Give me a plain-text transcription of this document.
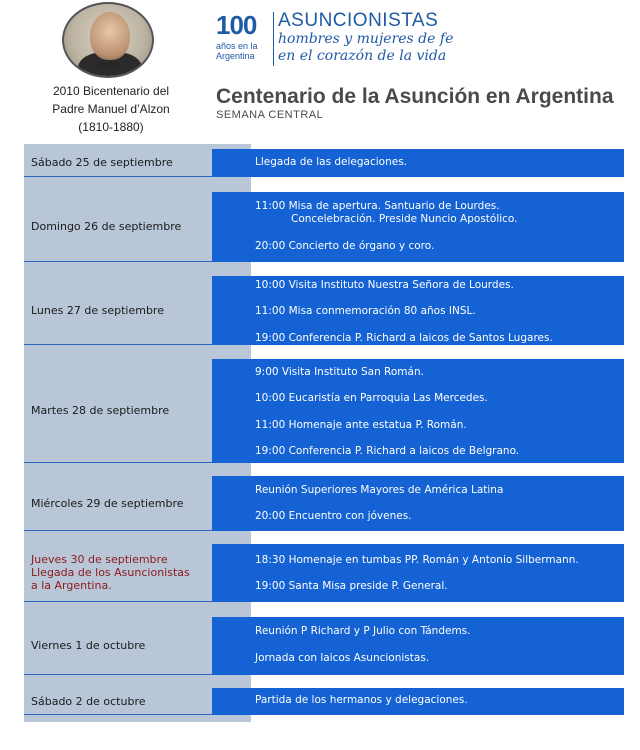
2010
2010 Bicentenario del
Padre Manuel d’Alzon
(1810-1880)
100
años en la
Argentina
ASUNCIONISTAS
hombres y mujeres de fe
en el corazón de la vida
Centenario de la Asunción en Argentina
SEMANA CENTRAL
Sábado 25 de septiembre	Llegada de las delegaciones.
Domingo 26 de septiembre
11:00 Misa de apertura. Santuario de Lourdes.
Concelebración. Preside Nuncio Apostólico.
20:00 Concierto de órgano y coro.
Lunes 27 de septiembre
10:00 Visita Instituto Nuestra Señora de Lourdes.
11:00 Misa conmemoración 80 años INSL.
19:00 Conferencia P. Richard a laicos de Santos Lugares.
Martes 28 de septiembre
9:00 Visita Instituto San Román.
10:00 Eucaristía en Parroquia Las Mercedes.
11:00 Homenaje ante estatua P. Román.
19:00 Conferencia P. Richard a laicos de Belgrano.
Miércoles 29 de septiembre
Reunión Superiores Mayores de América Latina
20:00 Encuentro con jóvenes.
Jueves 30 de septiembre
Llegada de los Asuncionistas
a la Argentina.
18:30 Homenaje en tumbas PP. Román y Antonio Silbermann.
19:00 Santa Misa preside P. General.
Viernes 1 de octubre
Reunión P Richard y P Julio con Tándems.
Jornada con laicos Asuncionistas.
Sábado 2 de octubre	Partida de los hermanos y delegaciones.
